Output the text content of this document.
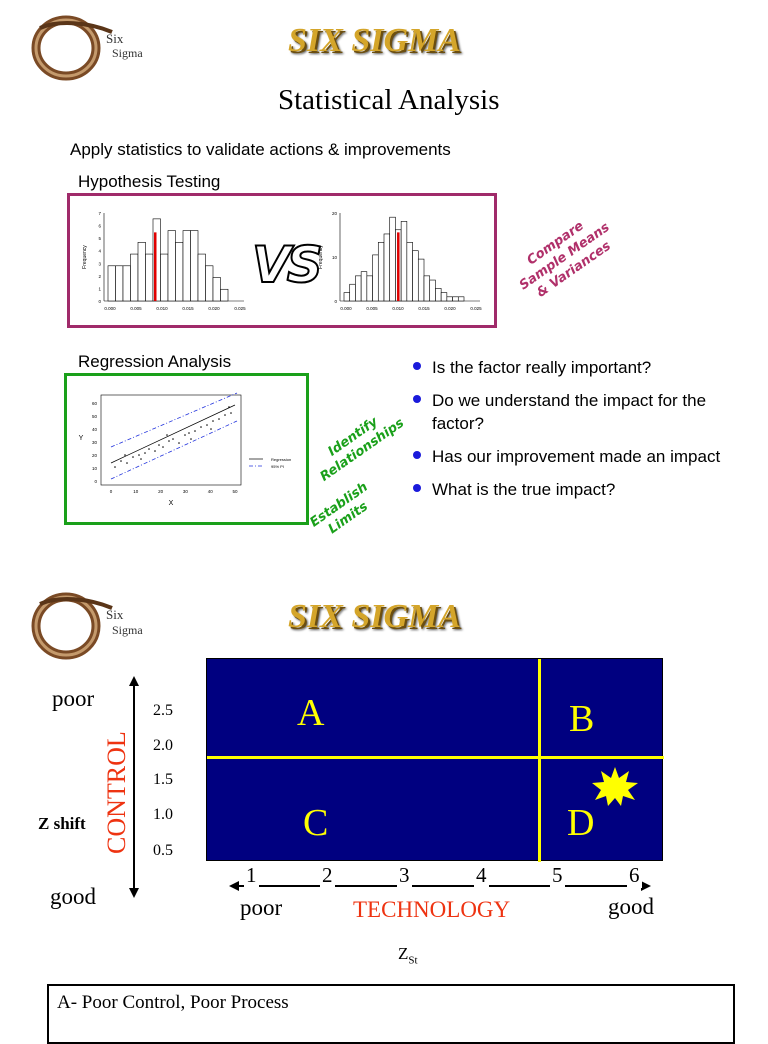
Six
Sigma	SIX SIGMA
Statistical Analysis
Apply statistics to validate actions & improvements
Hypothesis Testing
Frequency
7
6
5
4
3
2
1
0
0.000	0.005	0.010	0.015	0.020	0.025
VS Frequency
20
10
0
0.000	0.005	0.010	0.015	0.020	0.025
Compare Sample Means & Variances
Regression Analysis
60
50
40
30
20
10
0
0	10	20	30	40	50
X
Y
Regression
95% PI
Identify Relationships
Establish Limits
Is the factor really important?
Do we understand the impact for the factor?
Has our improvement made an impact
What is the true impact?
Six
Sigma	SIX SIGMA
poor
good
CONTROL
Z shift
2.5
2.0
1.5
1.0
0.5
A	B
C	D
1	2	3	4	5	6
poor	TECHNOLOGY	good
$Z_{St}$
A- Poor Control, Poor Process
